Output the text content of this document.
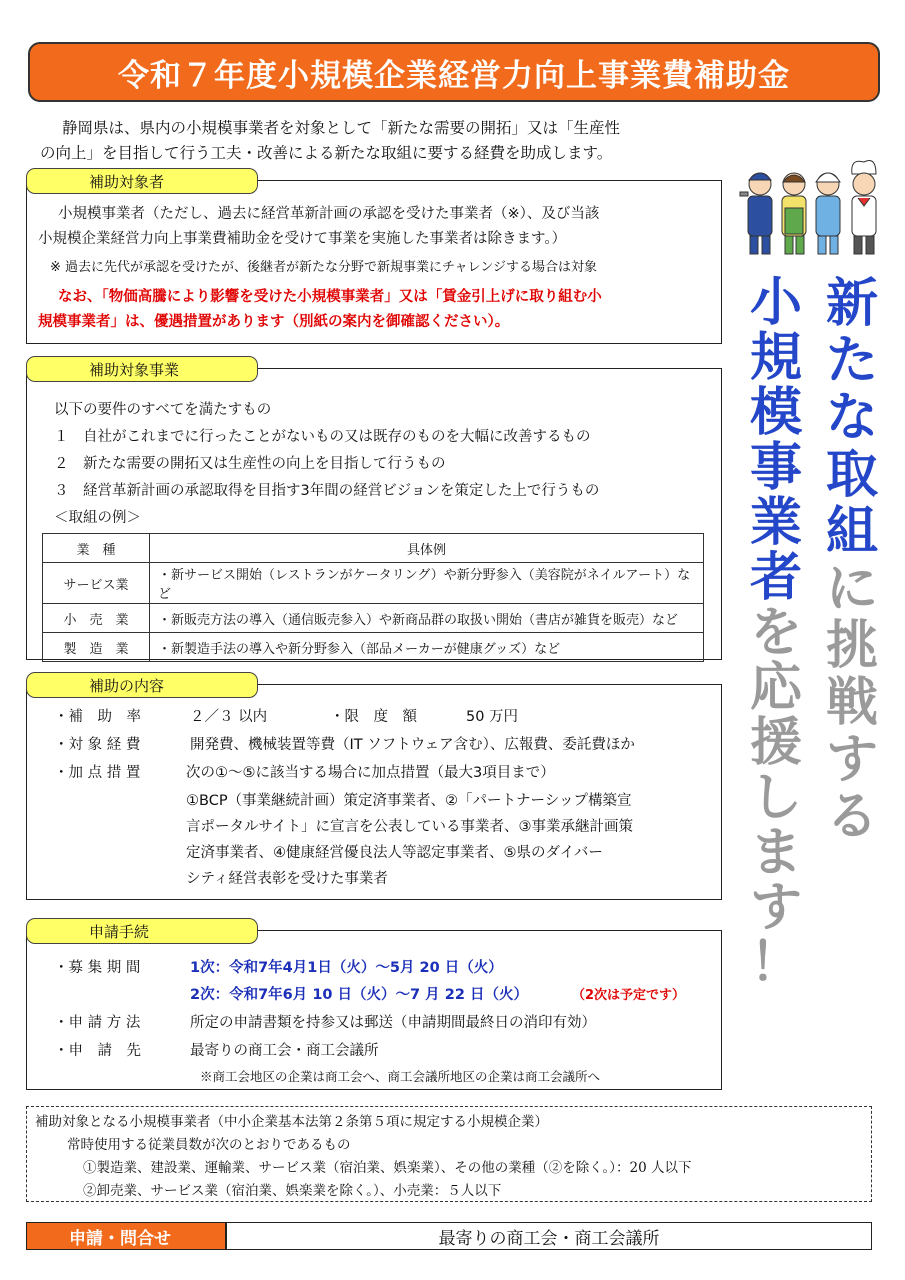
令和７年度小規模企業経営力向上事業費補助金

静岡県は、県内の小規模事業者を対象として「新たな需要の開拓」又は「生産性

の向上」を目指して行う工夫・改善による新たな取組に要する経費を助成します。

補助対象者
小規模事業者（ただし、過去に経営革新計画の承認を受けた事業者（※）、及び当該
小規模企業経営力向上事業費補助金を受けて事業を実施した事業者は除きます。）
※ 過去に先代が承認を受けたが、後継者が新たな分野で新規事業にチャレンジする場合は対象
なお、「物価高騰により影響を受けた小規模事業者」又は「賃金引上げに取り組む小
規模事業者」は、優遇措置があります（別紙の案内を御確認ください）。
補助対象事業
以下の要件のすべてを満たすもの
１　自社がこれまでに行ったことがないもの又は既存のものを大幅に改善するもの
２　新たな需要の開拓又は生産性の向上を目指して行うもの
３　経営革新計画の承認取得を目指す3年間の経営ビジョンを策定した上で行うもの
＜取組の例＞
業　種	具体例
サービス業	・新サービス開始（レストランがケータリング）や新分野参入（美容院がネイルアート）など
小　売　業	・新販売方法の導入（通信販売参入）や新商品群の取扱い開始（書店が雑貨を販売）など
製　造　業	・新製造手法の導入や新分野参入（部品メーカーが健康グッズ）など
補助の内容
・補　助　率	２／３ 以内	・限　度　額	50 万円
・対 象 経 費	開発費、機械装置等費（IT ソフトウェア含む）、広報費、委託費ほか
・加 点 措 置	次の①～⑤に該当する場合に加点措置（最大3項目まで）
①BCP（事業継続計画）策定済事業者、②「パートナーシップ構築宣
言ポータルサイト」に宣言を公表している事業者、③事業承継計画策
定済事業者、④健康経営優良法人等認定事業者、⑤県のダイバー
シティ経営表彰を受けた事業者
申請手続
・募 集 期 間	1次：令和7年4月1日（火）～5月 20 日（火）
2次：令和7年6月 10 日（火）～7 月 22 日（火）	（2次は予定です）
・申 請 方 法	所定の申請書類を持参又は郵送（申請期間最終日の消印有効）
・申　請　先	最寄りの商工会・商工会議所
※商工会地区の企業は商工会へ、商工会議所地区の企業は商工会議所へ
新
た
な
取
組
に
挑
戦
す
る
小
規
模
事
業
者
を
応
援
し
ま
す
！
補助対象となる小規模事業者（中小企業基本法第２条第５項に規定する小規模企業）
常時使用する従業員数が次のとおりであるもの
①製造業、建設業、運輸業、サービス業（宿泊業、娯楽業）、その他の業種（②を除く。）：20 人以下
②卸売業、サービス業（宿泊業、娯楽業を除く。）、小売業：５人以下
申請・問合せ	最寄りの商工会・商工会議所
